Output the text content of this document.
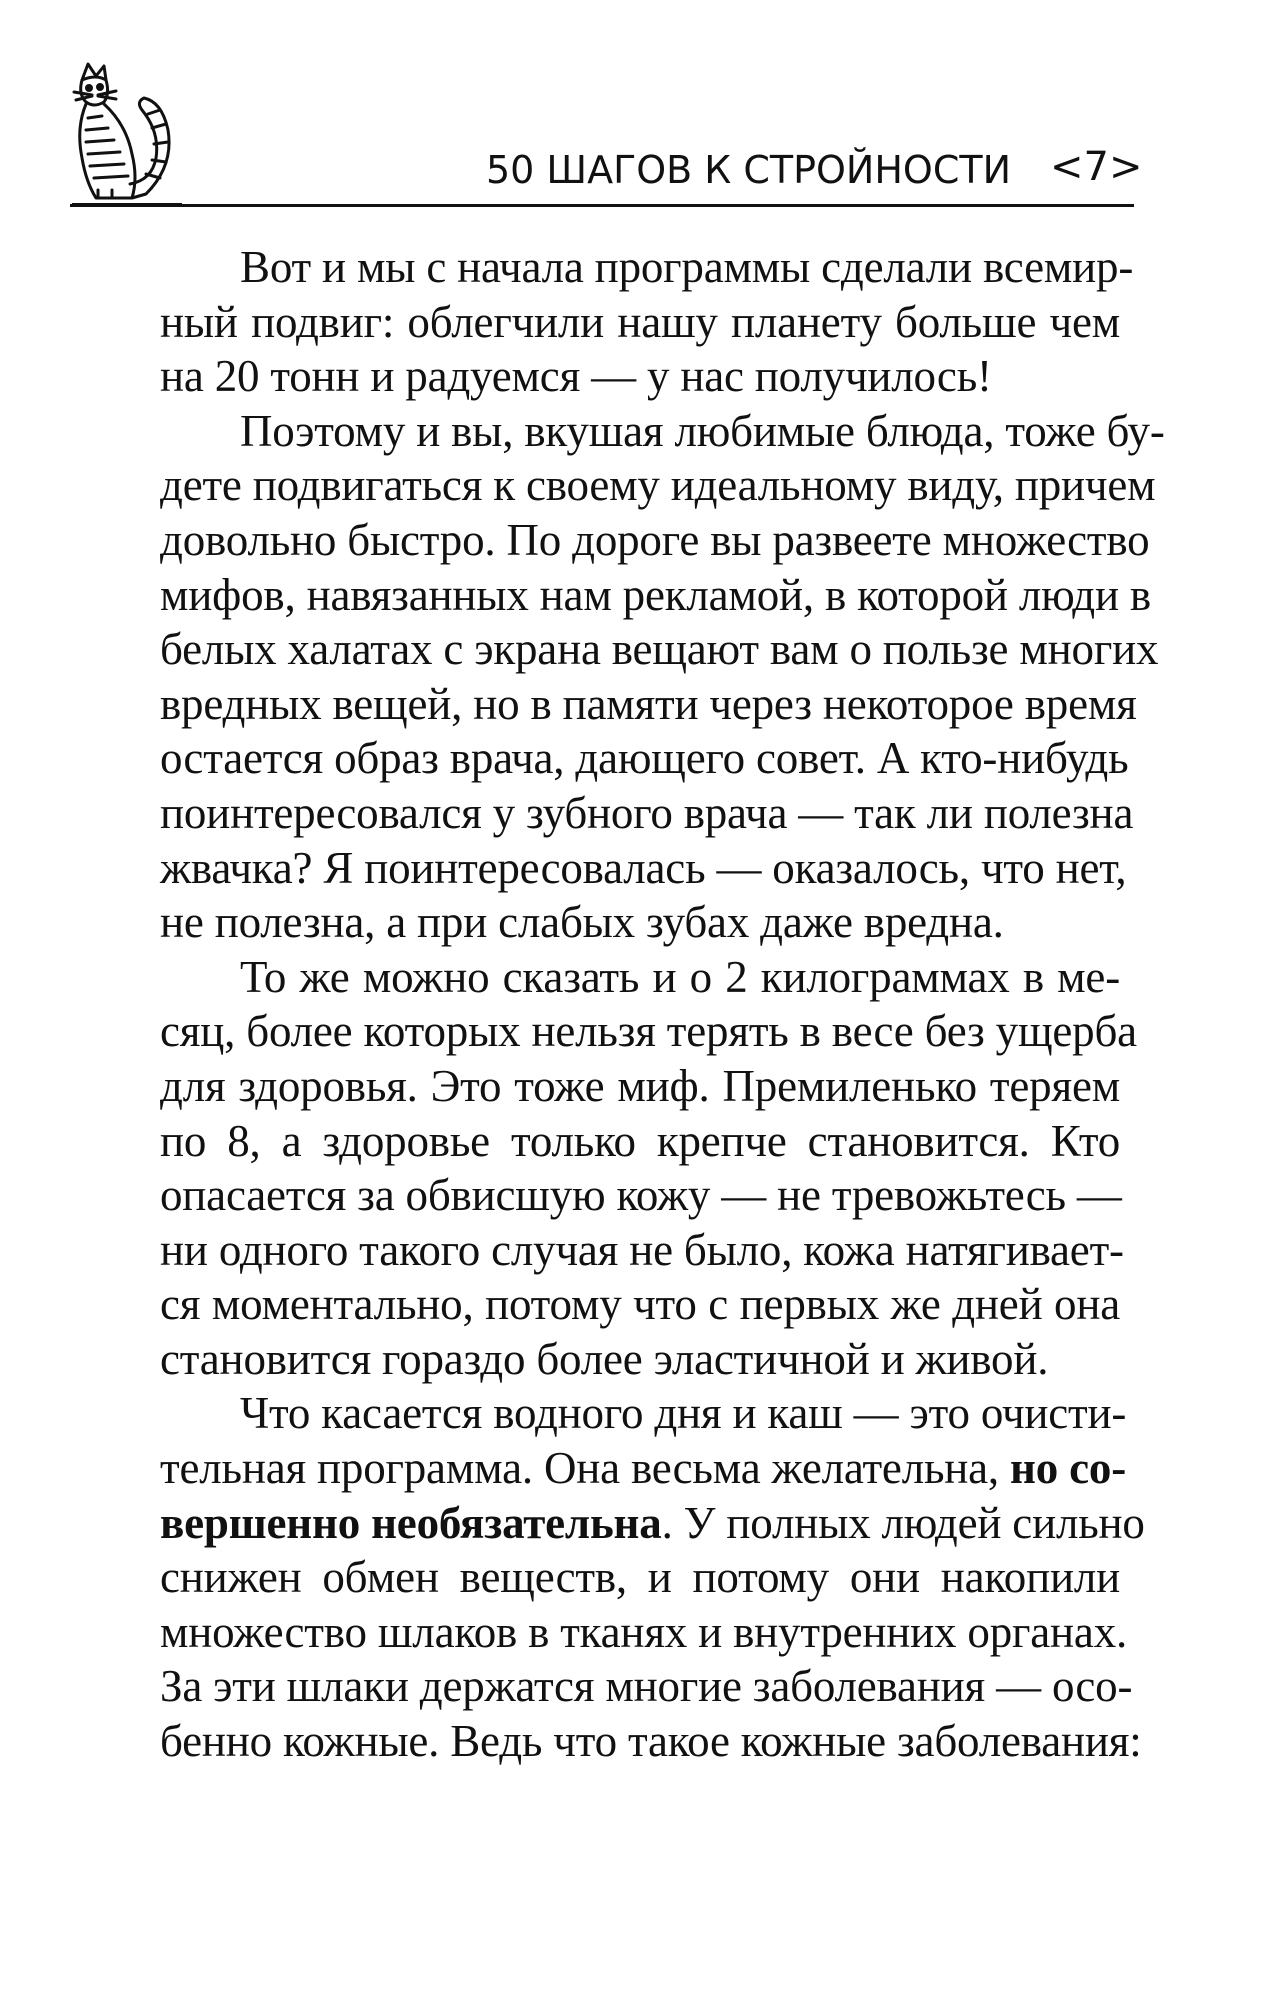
50 ШАГОВ К СТРОЙНОСТИ <7>

Вот и мы с начала программы сделали всемир-
ный подвиг: облегчили нашу планету больше чем
на 20 тонн и радуемся — у нас получилось!

Поэтому и вы, вкушая любимые блюда, тоже бу-
дете подвигаться к своему идеальному виду, причем
довольно быстро. По дороге вы развеете множество
мифов, навязанных нам рекламой, в которой люди в
белых халатах с экрана вещают вам о пользе многих
вредных вещей, но в памяти через некоторое время
остается образ врача, дающего совет. А кто-нибудь
поинтересовался у зубного врача — так ли полезна
жвачка? Я поинтересовалась — оказалось, что нет,
не полезна, а при слабых зубах даже вредна.

То же можно сказать и о 2 килограммах в ме-
сяц, более которых нельзя терять в весе без ущерба
для здоровья. Это тоже миф. Премиленько теряем
по 8, а здоровье только крепче становится. Кто
опасается за обвисшую кожу — не тревожьтесь —
ни одного такого случая не было, кожа натягивает-
ся моментально, потому что с первых же дней она
становится гораздо более эластичной и живой.

Что касается водного дня и каш — это очисти-
тельная программа. Она весьма желательна, но со-
вершенно необязательна. У полных людей сильно
снижен обмен веществ, и потому они накопили
множество шлаков в тканях и внутренних органах.
За эти шлаки держатся многие заболевания — осо-
бенно кожные. Ведь что такое кожные заболевания:
